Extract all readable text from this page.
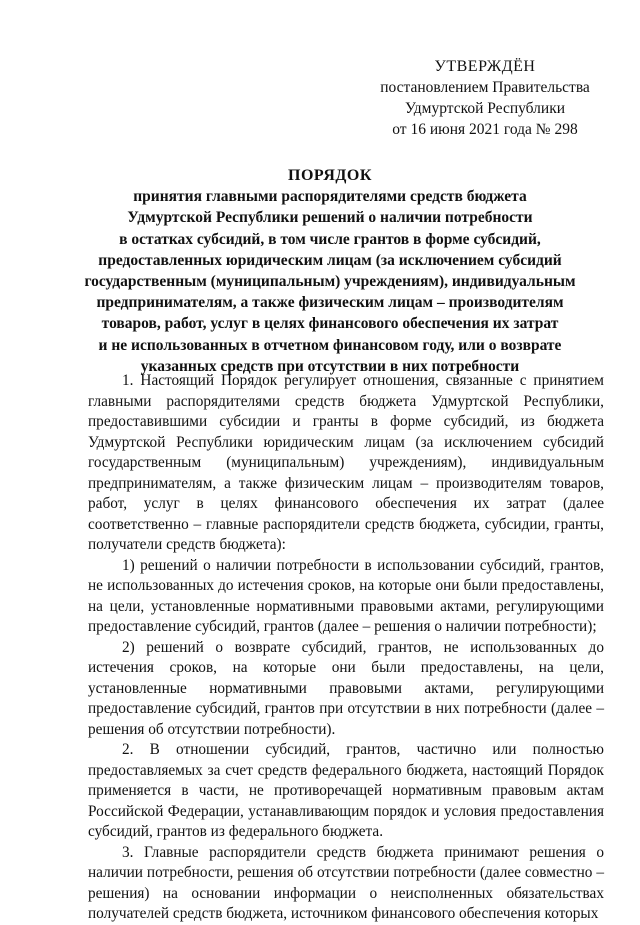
УТВЕРЖДЁН
постановлением Правительства
Удмуртской Республики
от 16 июня 2021 года № 298
ПОРЯДОК
принятия главными распорядителями средств бюджета
Удмуртской Республики решений о наличии потребности
в остатках субсидий, в том числе грантов в форме субсидий,
предоставленных юридическим лицам (за исключением субсидий
государственным (муниципальным) учреждениям), индивидуальным
предпринимателям, а также физическим лицам – производителям
товаров, работ, услуг в целях финансового обеспечения их затрат
и не использованных в отчетном финансовом году, или о возврате
указанных средств при отсутствии в них потребности

1. Настоящий Порядок регулирует отношения, связанные с принятием главными распорядителями средств бюджета Удмуртской Республики, предоставившими субсидии и гранты в форме субсидий, из бюджета Удмуртской Республики юридическим лицам (за исключением субсидий государственным (муниципальным) учреждениям), индивидуальным предпринимателям, а также физическим лицам – производителям товаров, работ, услуг в целях финансового обеспечения их затрат (далее соответственно – главные распорядители средств бюджета, субсидии, гранты, получатели средств бюджета):

1) решений о наличии потребности в использовании субсидий, грантов, не использованных до истечения сроков, на которые они были предоставлены, на цели, установленные нормативными правовыми актами, регулирующими предоставление субсидий, грантов (далее – решения о наличии потребности);

2) решений о возврате субсидий, грантов, не использованных до истечения сроков, на которые они были предоставлены, на цели, установленные нормативными правовыми актами, регулирующими предоставление субсидий, грантов при отсутствии в них потребности (далее – решения об отсутствии потребности).

2. В отношении субсидий, грантов, частично или полностью предоставляемых за счет средств федерального бюджета, настоящий Порядок применяется в части, не противоречащей нормативным правовым актам Российской Федерации, устанавливающим порядок и условия предоставления субсидий, грантов из федерального бюджета.

3. Главные распорядители средств бюджета принимают решения о наличии потребности, решения об отсутствии потребности (далее совместно – решения) на основании информации о неисполненных обязательствах получателей средств бюджета, источником финансового обеспечения которых
